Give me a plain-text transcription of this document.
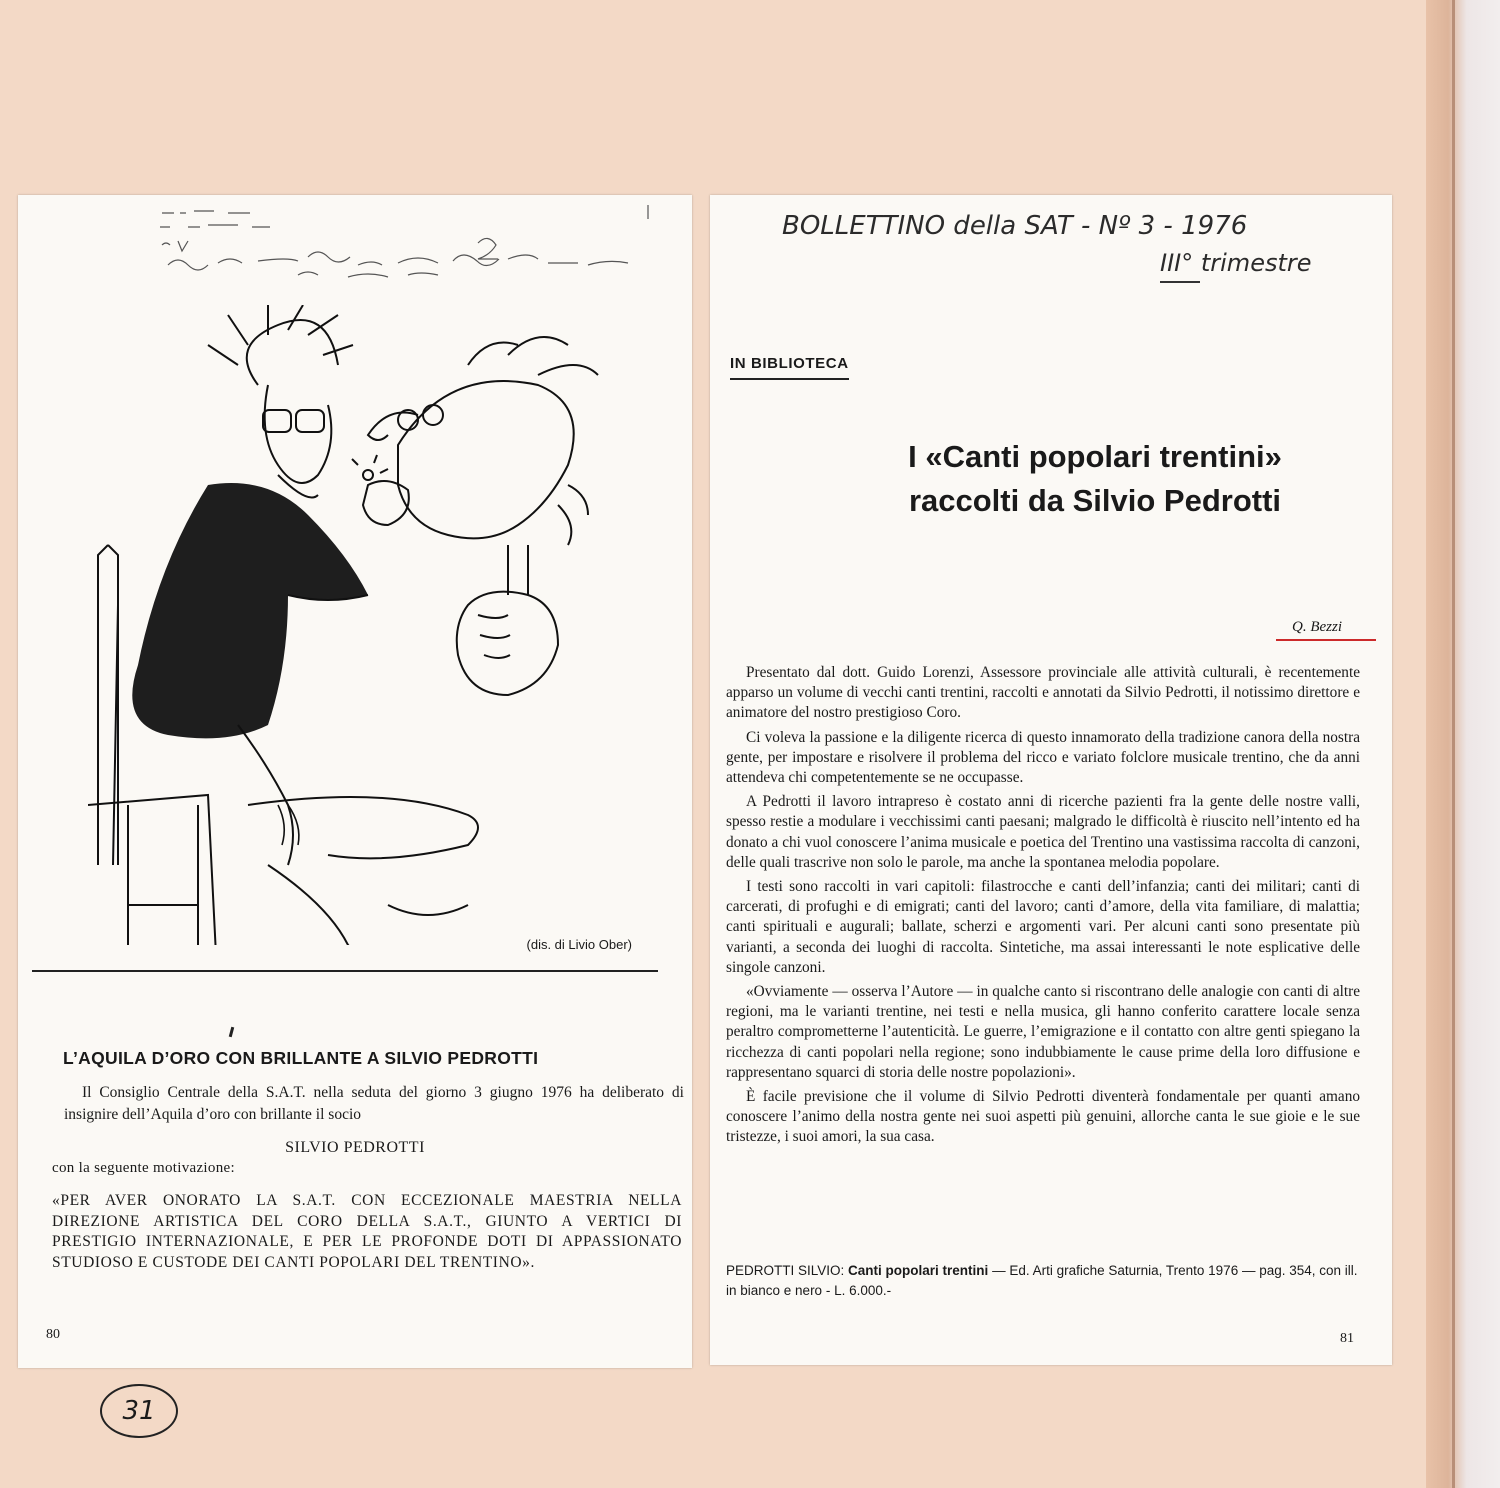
(dis. di Livio Ober)
L’AQUILA D’ORO CON BRILLANTE A SILVIO PEDROTTI
Il Consiglio Centrale della S.A.T. nella seduta del giorno 3 giugno 1976 ha deliberato di insignire dell’Aquila d’oro con brillante il socio
SILVIO PEDROTTI
con la seguente motivazione:
«PER AVER ONORATO LA S.A.T. CON ECCEZIONALE MAESTRIA NELLA DIREZIONE ARTISTICA DEL CORO DELLA S.A.T., GIUNTO A VERTICI DI PRESTIGIO INTERNAZIONALE, E PER LE PROFONDE DOTI DI APPASSIONATO STUDIOSO E CUSTODE DEI CANTI POPOLARI DEL TRENTINO».
80
BOLLETTINO della SAT - Nº 3 - 1976
III° trimestre
IN BIBLIOTECA
I «Canti popolari trentini»
raccolti da Silvio Pedrotti
Q. Bezzi

Presentato dal dott. Guido Lorenzi, Assessore provinciale alle attività culturali, è recentemente apparso un volume di vecchi canti trentini, raccolti e annotati da Silvio Pedrotti, il notissimo direttore e animatore del nostro prestigioso Coro.

Ci voleva la passione e la diligente ricerca di questo innamorato della tradizione canora della nostra gente, per impostare e risolvere il problema del ricco e variato folclore musicale trentino, che da anni attendeva chi competentemente se ne occupasse.

A Pedrotti il lavoro intrapreso è costato anni di ricerche pazienti fra la gente delle nostre valli, spesso restie a modulare i vecchissimi canti paesani; malgrado le difficoltà è riuscito nell’intento ed ha donato a chi vuol conoscere l’anima musicale e poetica del Trentino una vastissima raccolta di canzoni, delle quali trascrive non solo le parole, ma anche la spontanea melodia popolare.

I testi sono raccolti in vari capitoli: filastrocche e canti dell’infanzia; canti dei militari; canti di carcerati, di profughi e di emigrati; canti del lavoro; canti d’amore, della vita familiare, di malattia; canti spirituali e augurali; ballate, scherzi e argomenti vari. Per alcuni canti sono presentate più varianti, a seconda dei luoghi di raccolta. Sintetiche, ma assai interessanti le note esplicative delle singole canzoni.

«Ovviamente — osserva l’Autore — in qualche canto si riscontrano delle analogie con canti di altre regioni, ma le varianti trentine, nei testi e nella musica, gli hanno conferito carattere locale senza peraltro comprometterne l’autenticità. Le guerre, l’emigrazione e il contatto con altre genti spiegano la ricchezza di canti popolari nella regione; sono indubbiamente le cause prime della loro diffusione e rappresentano squarci di storia delle nostre popolazioni».

È facile previsione che il volume di Silvio Pedrotti diventerà fondamentale per quanti amano conoscere l’animo della nostra gente nei suoi aspetti più genuini, allorche canta le sue gioie e le sue tristezze, i suoi amori, la sua casa.

PEDROTTI SILVIO: Canti popolari trentini — Ed. Arti grafiche Saturnia, Trento 1976 — pag. 354, con ill. in bianco e nero - L. 6.000.-
81
31
